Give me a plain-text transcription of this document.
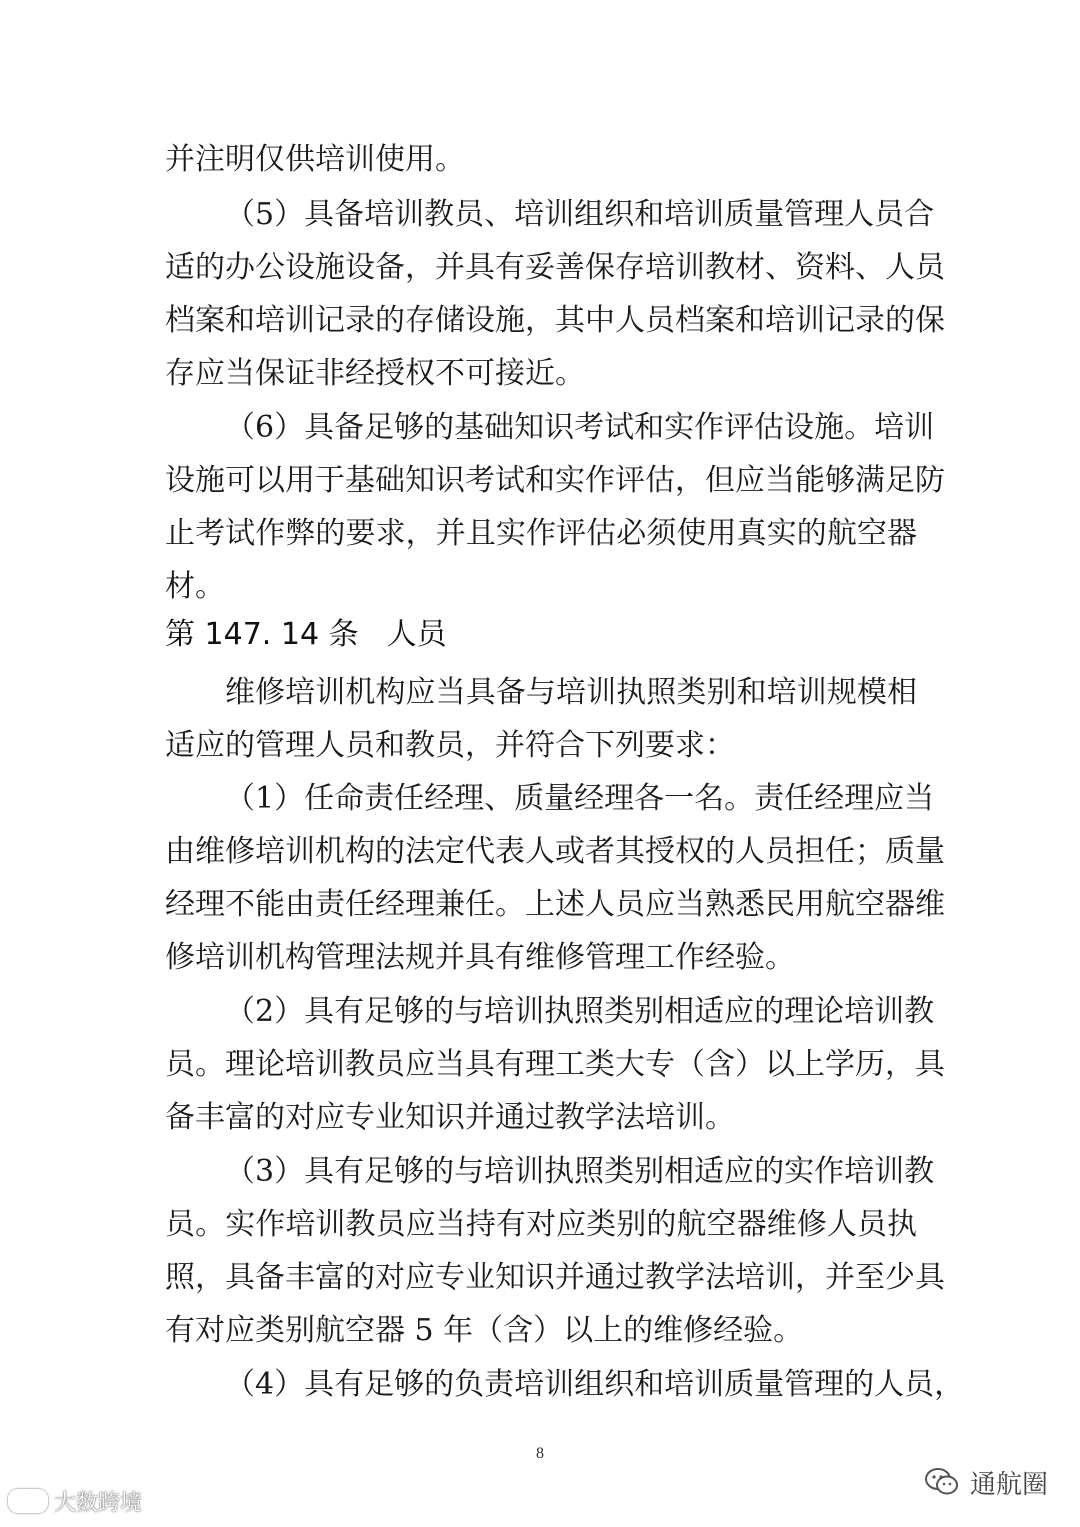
并注明仅供培训使用。
（5）具备培训教员、培训组织和培训质量管理人员合
适的办公设施设备，并具有妥善保存培训教材、资料、人员
档案和培训记录的存储设施，其中人员档案和培训记录的保
存应当保证非经授权不可接近。
（6）具备足够的基础知识考试和实作评估设施。培训
设施可以用于基础知识考试和实作评估，但应当能够满足防
止考试作弊的要求，并且实作评估必须使用真实的航空器
材。
第 147. 14 条 人员
维修培训机构应当具备与培训执照类别和培训规模相
适应的管理人员和教员，并符合下列要求：
（1）任命责任经理、质量经理各一名。责任经理应当
由维修培训机构的法定代表人或者其授权的人员担任；质量
经理不能由责任经理兼任。上述人员应当熟悉民用航空器维
修培训机构管理法规并具有维修管理工作经验。
（2）具有足够的与培训执照类别相适应的理论培训教
员。理论培训教员应当具有理工类大专（含）以上学历，具
备丰富的对应专业知识并通过教学法培训。
（3）具有足够的与培训执照类别相适应的实作培训教
员。实作培训教员应当持有对应类别的航空器维修人员执
照，具备丰富的对应专业知识并通过教学法培训，并至少具
有对应类别航空器 5 年（含）以上的维修经验。
（4）具有足够的负责培训组织和培训质量管理的人员，
8
大数跨境
通航圈
